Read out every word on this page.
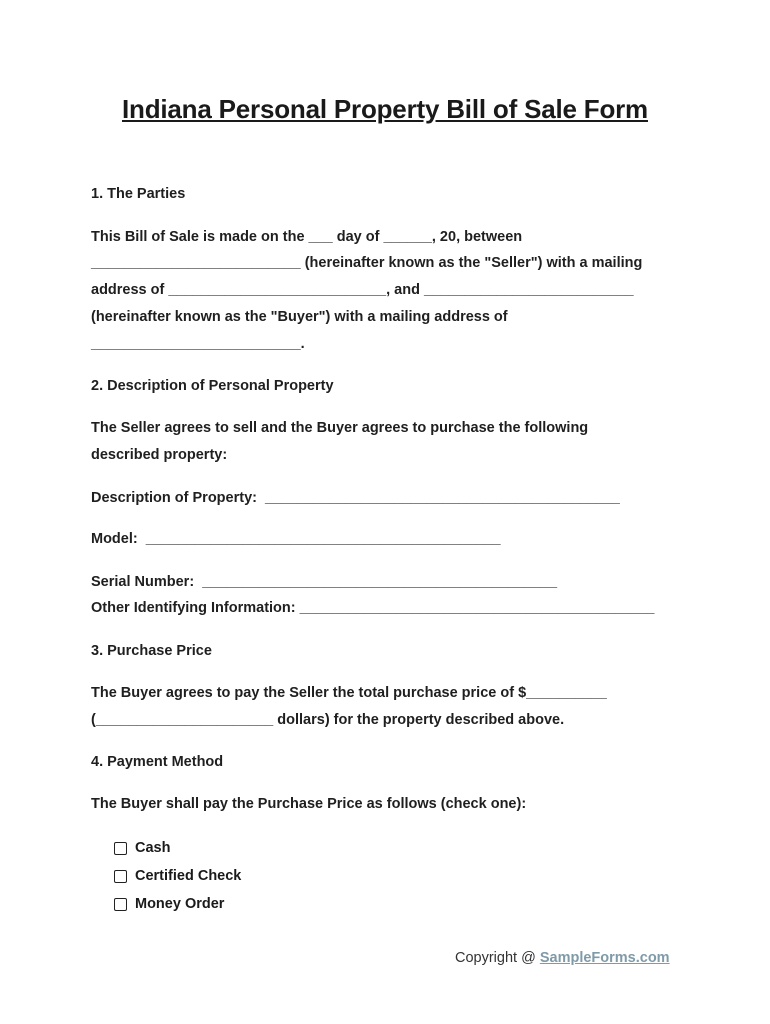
Indiana Personal Property Bill of Sale Form
1. The Parties
This Bill of Sale is made on the ___ day of ______, 20, between
__________________________ (hereinafter known as the "Seller") with a mailing
address of ___________________________, and __________________________
(hereinafter known as the "Buyer") with a mailing address of
__________________________.
2. Description of Personal Property
The Seller agrees to sell and the Buyer agrees to purchase the following
described property:
Description of Property:  ____________________________________________
Model:  ____________________________________________
Serial Number:  ____________________________________________
Other Identifying Information: ____________________________________________
3. Purchase Price
The Buyer agrees to pay the Seller the total purchase price of $__________
(______________________ dollars) for the property described above.
4. Payment Method
The Buyer shall pay the Purchase Price as follows (check one):
Cash
Certified Check
Money Order
Copyright @ SampleForms.com
